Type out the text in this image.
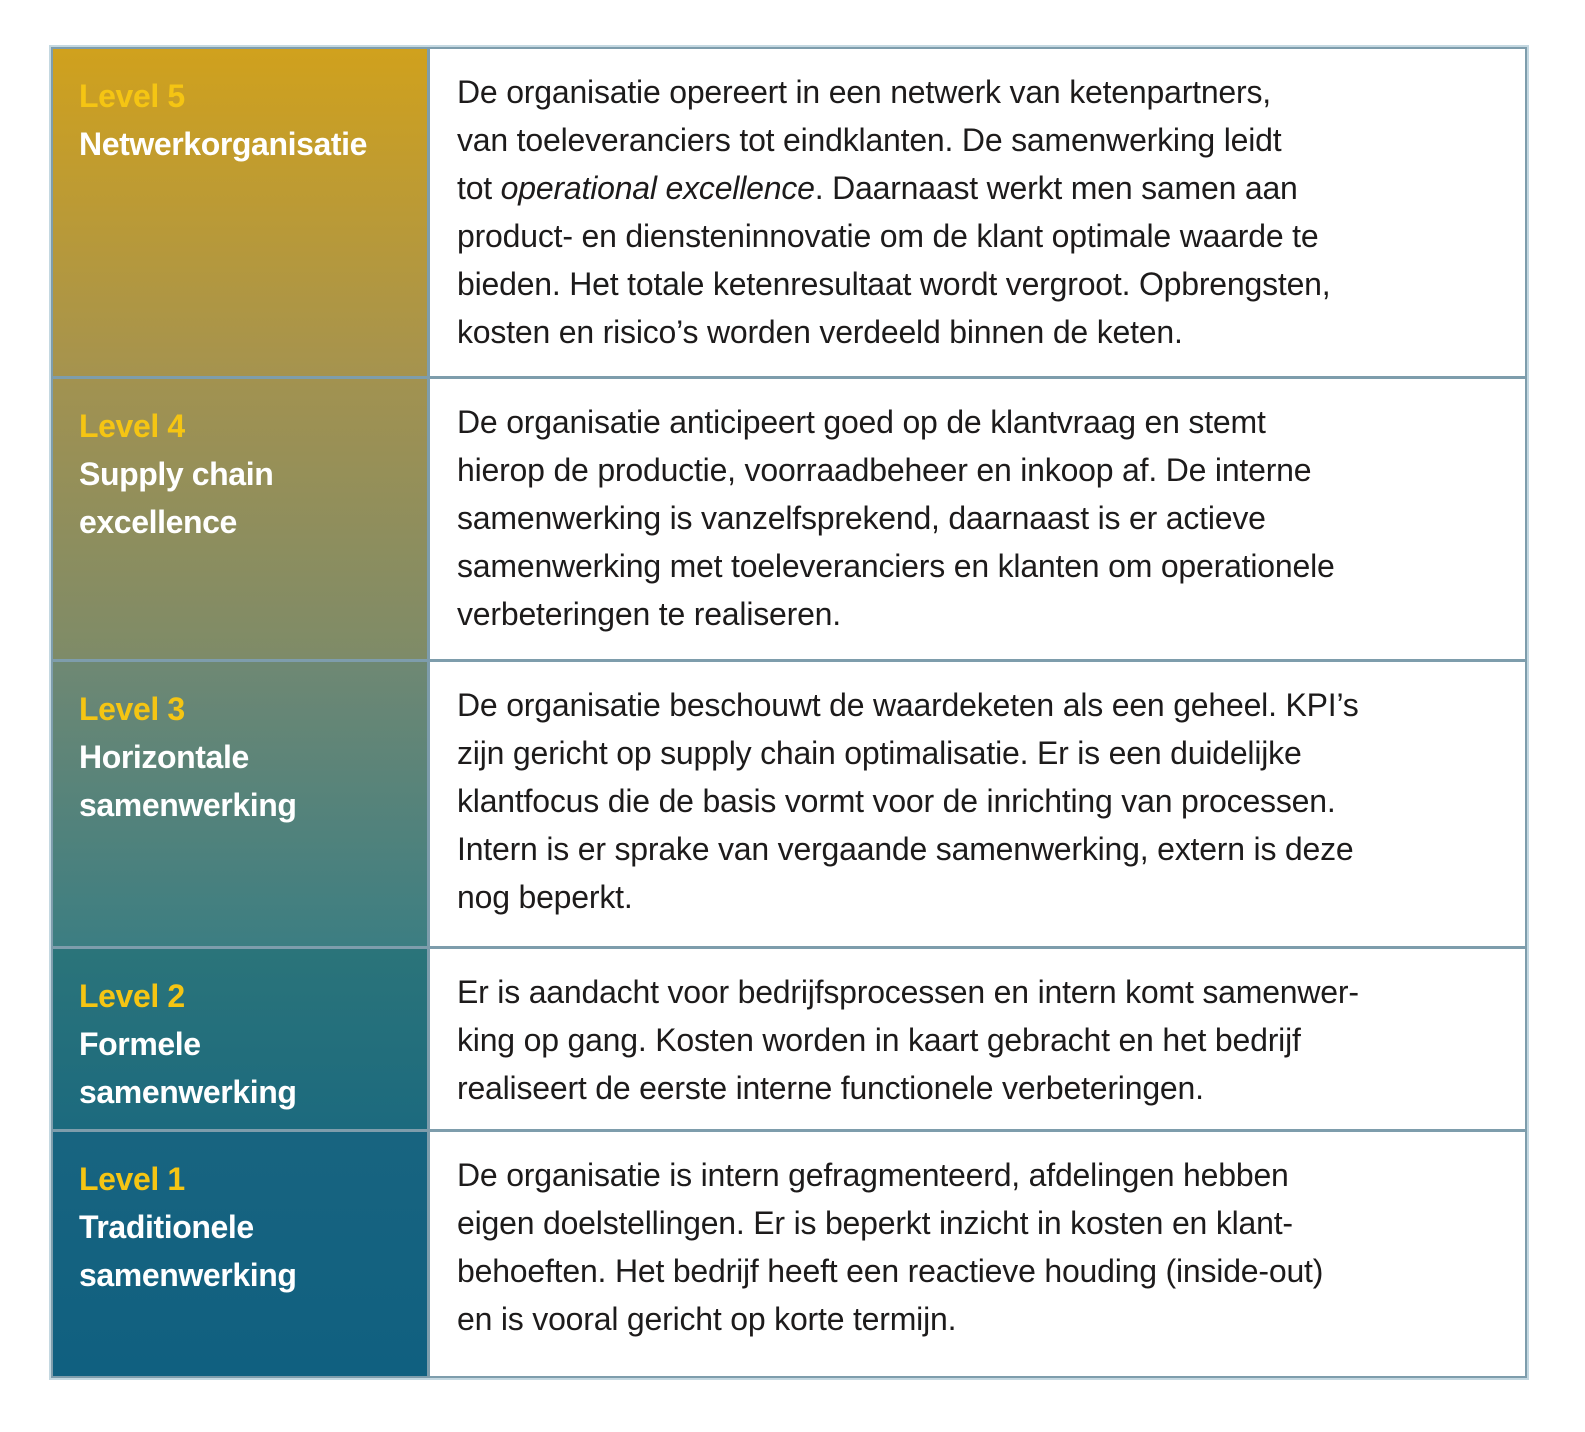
Level 5
Netwerkorganisatie
De organisatie opereert in een netwerk van ketenpartners,
van toeleveranciers tot eindklanten. De samenwerking leidt
tot operational excellence. Daarnaast werkt men samen aan
product- en diensteninnovatie om de klant optimale waarde te
bieden. Het totale ketenresultaat wordt vergroot. Opbrengsten,
kosten en risico’s worden verdeeld binnen de keten.
Level 4
Supply chain
excellence
De organisatie anticipeert goed op de klantvraag en stemt
hierop de productie, voorraadbeheer en inkoop af. De interne
samenwerking is vanzelfsprekend, daarnaast is er actieve
samenwerking met toeleveranciers en klanten om operationele
verbeteringen te realiseren.
Level 3
Horizontale
samenwerking
De organisatie beschouwt de waardeketen als een geheel. KPI’s
zijn gericht op supply chain optimalisatie. Er is een duidelijke
klantfocus die de basis vormt voor de inrichting van processen.
Intern is er sprake van vergaande samenwerking, extern is deze
nog beperkt.
Level 2
Formele
samenwerking
Er is aandacht voor bedrijfsprocessen en intern komt samenwer-
king op gang. Kosten worden in kaart gebracht en het bedrijf
realiseert de eerste interne functionele verbeteringen.
Level 1
Traditionele
samenwerking
De organisatie is intern gefragmenteerd, afdelingen hebben
eigen doelstellingen. Er is beperkt inzicht in kosten en klant-
behoeften. Het bedrijf heeft een reactieve houding (inside-out)
en is vooral gericht op korte termijn.
